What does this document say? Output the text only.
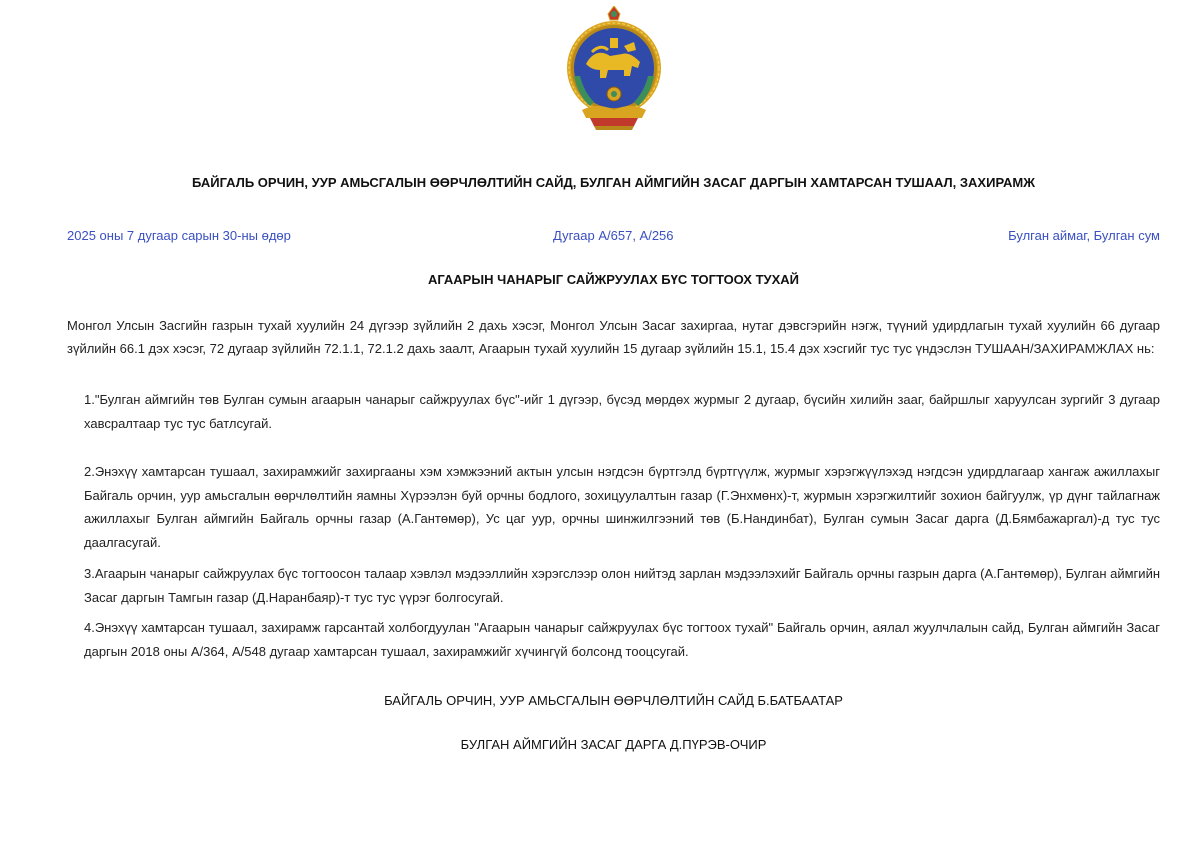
БАЙГАЛЬ ОРЧИН, УУР АМЬСГАЛЫН ӨӨРЧЛӨЛТИЙН САЙД, БУЛГАН АЙМГИЙН ЗАСАГ ДАРГЫН ХАМТАРСАН ТУШААЛ, ЗАХИРАМЖ
2025 оны 7 дугаар сарын 30-ны өдөр	Дугаар А/657, А/256	Булган аймаг, Булган сум
АГААРЫН ЧАНАРЫГ САЙЖРУУЛАХ БҮС ТОГТООХ ТУХАЙ
Монгол Улсын Засгийн газрын тухай хуулийн 24 дүгээр зүйлийн 2 дахь хэсэг, Монгол Улсын Засаг захиргаа, нутаг дэвсгэрийн нэгж, түүний удирдлагын тухай хуулийн 66 дугаар зүйлийн 66.1 дэх хэсэг, 72 дугаар зүйлийн 72.1.1, 72.1.2 дахь заалт, Агаарын тухай хуулийн 15 дугаар зүйлийн 15.1, 15.4 дэх хэсгийг тус тус үндэслэн ТУШААН/ЗАХИРАМЖЛАХ нь:
1."Булган аймгийн төв Булган сумын агаарын чанарыг сайжруулах бүс"-ийг 1 дүгээр, бүсэд мөрдөх журмыг 2 дугаар, бүсийн хилийн зааг, байршлыг харуулсан зургийг 3 дугаар хавсралтаар тус тус батлсугай.
2.Энэхүү хамтарсан тушаал, захирамжийг захиргааны хэм хэмжээний актын улсын нэгдсэн бүртгэлд бүртгүүлж, журмыг хэрэгжүүлэхэд нэгдсэн удирдлагаар хангаж ажиллахыг Байгаль орчин, уур амьсгалын өөрчлөлтийн яамны Хүрээлэн буй орчны бодлого, зохицуулалтын газар (Г.Энхмөнх)-т, журмын хэрэгжилтийг зохион байгуулж, үр дүнг тайлагнаж ажиллахыг Булган аймгийн Байгаль орчны газар (А.Гантөмөр), Ус цаг уур, орчны шинжилгээний төв (Б.Нандинбат), Булган сумын Засаг дарга (Д.Бямбажаргал)-д тус тус даалгасугай.
3.Агаарын чанарыг сайжруулах бүс тогтоосон талаар хэвлэл мэдээллийн хэрэгслээр олон нийтэд зарлан мэдээлэхийг Байгаль орчны газрын дарга (А.Гантөмөр), Булган аймгийн Засаг даргын Тамгын газар (Д.Наранбаяр)-т тус тус үүрэг болгосугай.
4.Энэхүү хамтарсан тушаал, захирамж гарсантай холбогдуулан "Агаарын чанарыг сайжруулах бүс тогтоох тухай" Байгаль орчин, аялал жуулчлалын сайд, Булган аймгийн Засаг даргын 2018 оны А/364, А/548 дугаар хамтарсан тушаал, захирамжийг хүчингүй болсонд тооцсугай.
БАЙГАЛЬ ОРЧИН, УУР АМЬСГАЛЫН ӨӨРЧЛӨЛТИЙН САЙД Б.БАТБААТАР
БУЛГАН АЙМГИЙН ЗАСАГ ДАРГА Д.ПҮРЭВ-ОЧИР
